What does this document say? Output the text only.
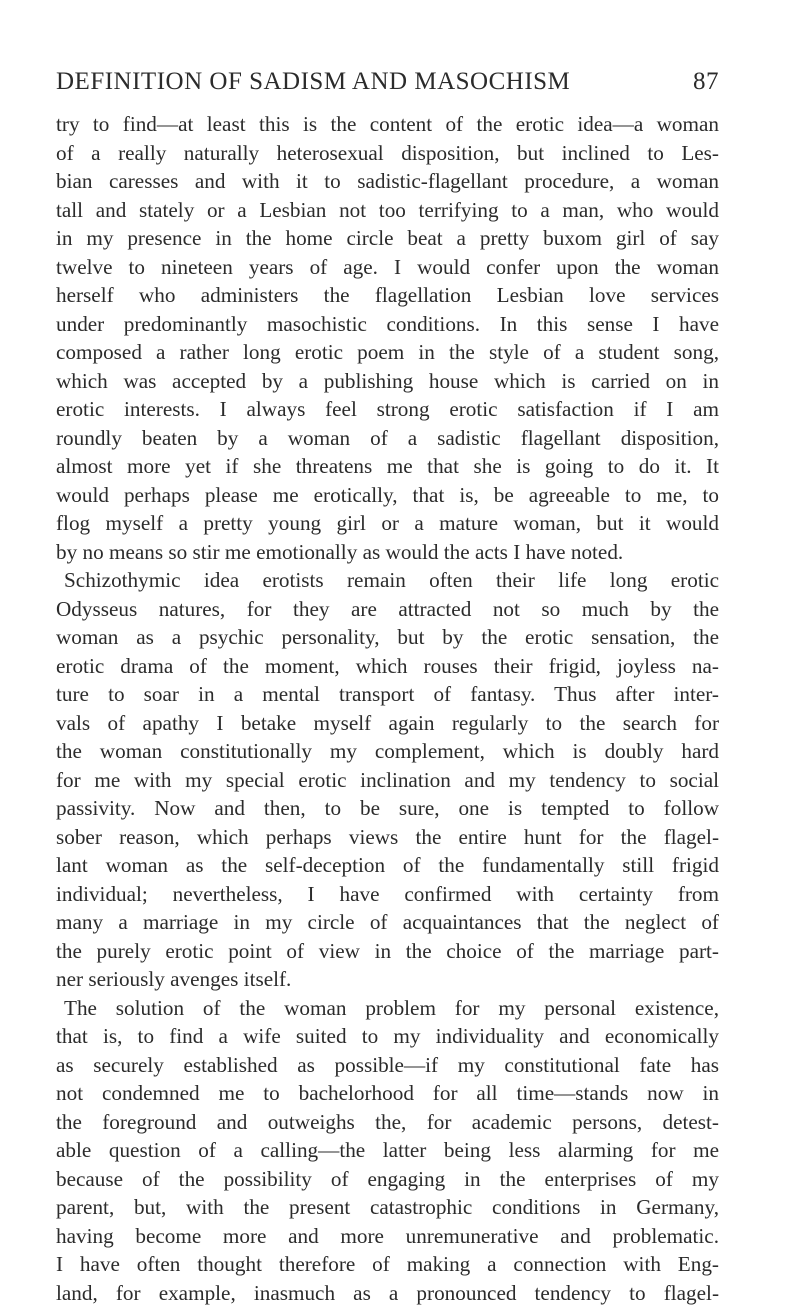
DEFINITION OF SADISM AND MASOCHISM	87
try to find—at least this is the content of the erotic idea—a woman
of a really naturally heterosexual disposition, but inclined to Les-
bian caresses and with it to sadistic-flagellant procedure, a woman
tall and stately or a Lesbian not too terrifying to a man, who would
in my presence in the home circle beat a pretty buxom girl of say
twelve to nineteen years of age. I would confer upon the woman
herself who administers the flagellation Lesbian love services
under predominantly masochistic conditions. In this sense I have
composed a rather long erotic poem in the style of a student song,
which was accepted by a publishing house which is carried on in
erotic interests. I always feel strong erotic satisfaction if I am
roundly beaten by a woman of a sadistic flagellant disposition,
almost more yet if she threatens me that she is going to do it. It
would perhaps please me erotically, that is, be agreeable to me, to
flog myself a pretty young girl or a mature woman, but it would
by no means so stir me emotionally as would the acts I have noted.
Schizothymic idea erotists remain often their life long erotic
Odysseus natures, for they are attracted not so much by the
woman as a psychic personality, but by the erotic sensation, the
erotic drama of the moment, which rouses their frigid, joyless na-
ture to soar in a mental transport of fantasy. Thus after inter-
vals of apathy I betake myself again regularly to the search for
the woman constitutionally my complement, which is doubly hard
for me with my special erotic inclination and my tendency to social
passivity. Now and then, to be sure, one is tempted to follow
sober reason, which perhaps views the entire hunt for the flagel-
lant woman as the self-deception of the fundamentally still frigid
individual; nevertheless, I have confirmed with certainty from
many a marriage in my circle of acquaintances that the neglect of
the purely erotic point of view in the choice of the marriage part-
ner seriously avenges itself.
The solution of the woman problem for my personal existence,
that is, to find a wife suited to my individuality and economically
as securely established as possible—if my constitutional fate has
not condemned me to bachelorhood for all time—stands now in
the foreground and outweighs the, for academic persons, detest-
able question of a calling—the latter being less alarming for me
because of the possibility of engaging in the enterprises of my
parent, but, with the present catastrophic conditions in Germany,
having become more and more unremunerative and problematic.
I have often thought therefore of making a connection with Eng-
land, for example, inasmuch as a pronounced tendency to flagel-
